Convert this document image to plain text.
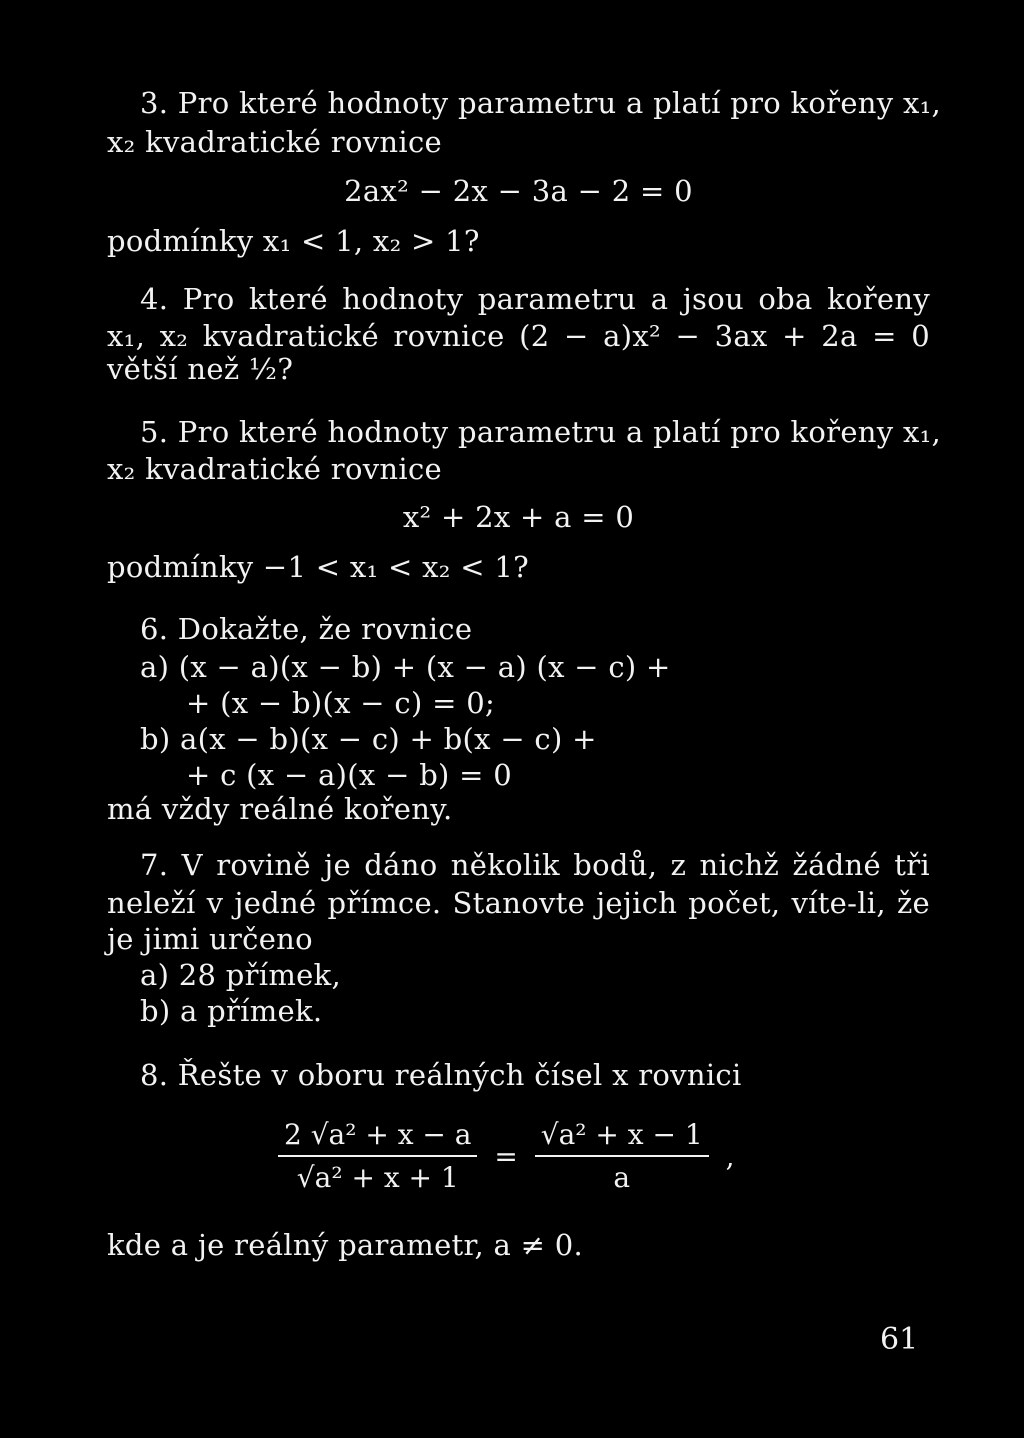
3. Pro které hodnoty parametru a platí pro kořeny x₁,
x₂ kvadratické rovnice
2ax² − 2x − 3a − 2 = 0
podmínky x₁ < 1, x₂ > 1?
4. Pro které hodnoty parametru a jsou oba kořeny
x₁, x₂ kvadratické rovnice (2 − a)x² − 3ax + 2a = 0
větší než ½?
5. Pro které hodnoty parametru a platí pro kořeny x₁,
x₂ kvadratické rovnice
x² + 2x + a = 0
podmínky −1 < x₁ < x₂ < 1?
6. Dokažte, že rovnice
a) (x − a)(x − b) + (x − a) (x − c) +
+ (x − b)(x − c) = 0;
b) a(x − b)(x − c) + b(x − c) +
+ c (x − a)(x − b) = 0
má vždy reálné kořeny.
7. V rovině je dáno několik bodů, z nichž žádné tři
neleží v jedné přímce. Stanovte jejich počet, víte-li, že
je jimi určeno
a) 28 přímek,
b) a přímek.
8. Řešte v oboru reálných čísel x rovnici
$\frac{\text{2 √a² + x − a}}{\text{√a² + x + 1}} = \frac{\text{√a² + x − 1}}{a}$ ,
kde a je reálný parametr, a ≠ 0.
61
